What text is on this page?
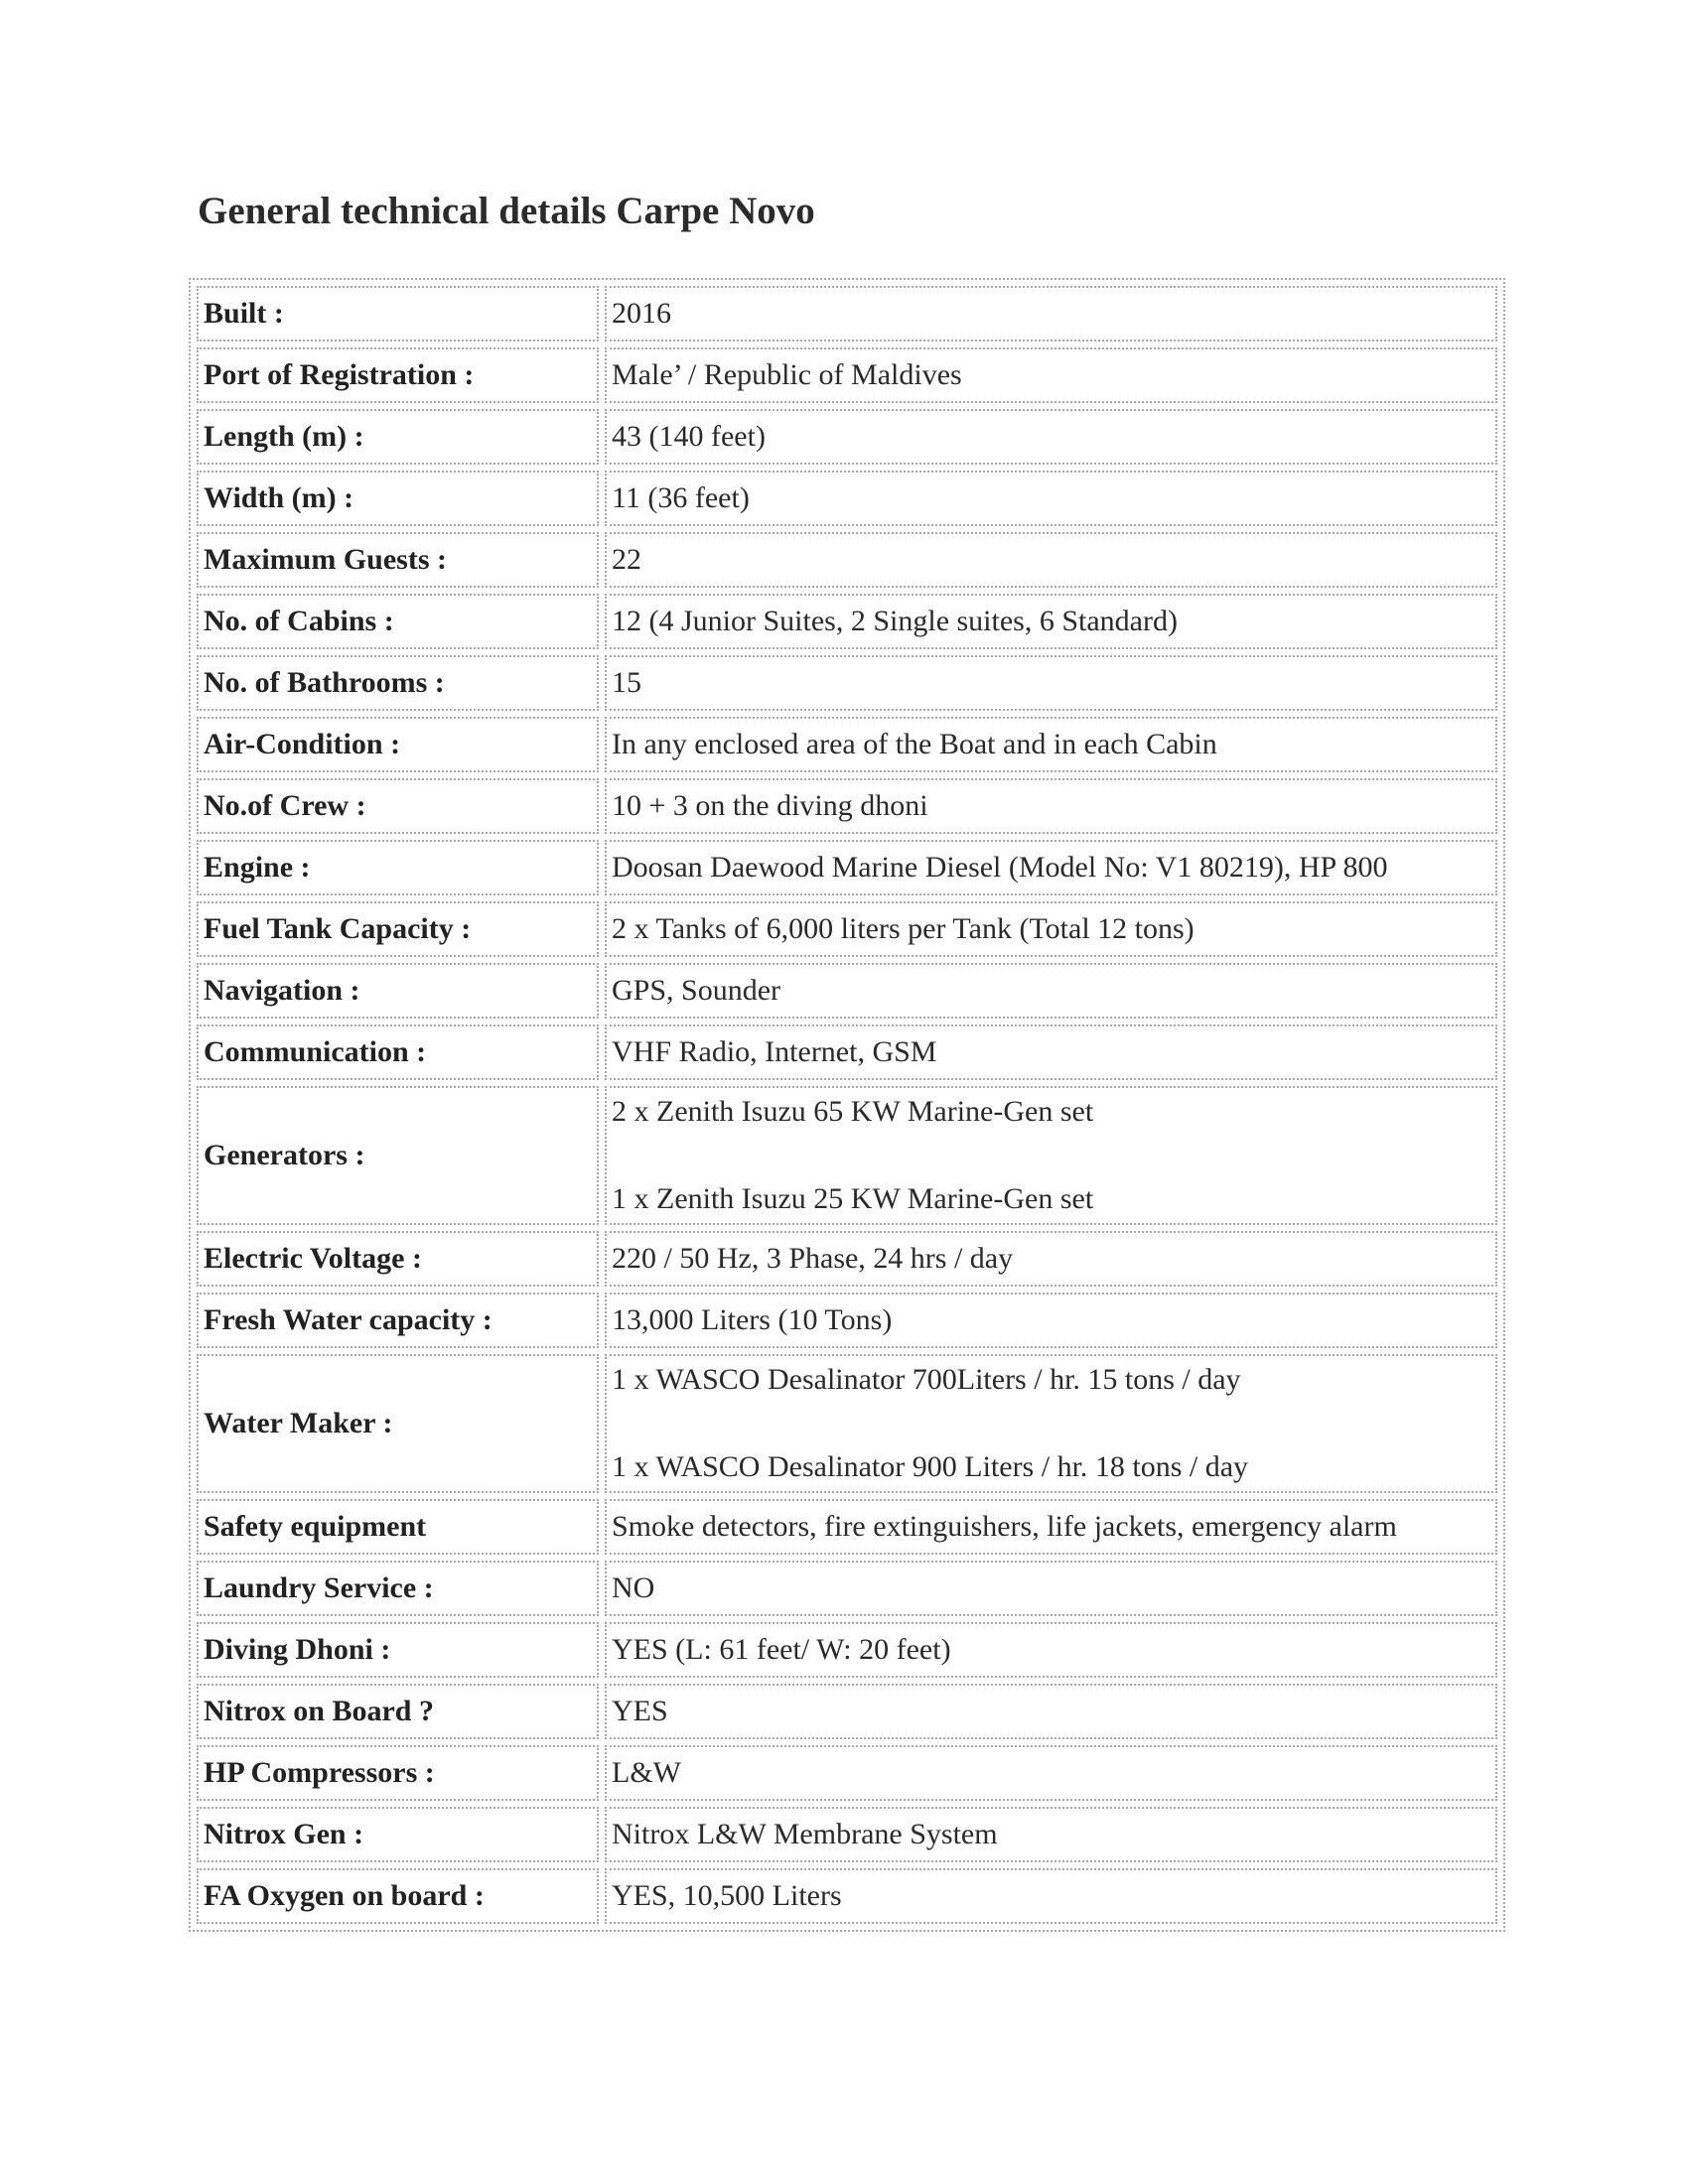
General technical details Carpe Novo
Built :	2016
Port of Registration :	Male’ / Republic of Maldives
Length (m) :	43 (140 feet)
Width (m) :	11 (36 feet)
Maximum Guests :	22
No. of Cabins :	12 (4 Junior Suites, 2 Single suites, 6 Standard)
No. of Bathrooms :	15
Air-Condition :	In any enclosed area of the Boat and in each Cabin
No.of Crew :	10 + 3 on the diving dhoni
Engine :	Doosan Daewood Marine Diesel (Model No: V1 80219), HP 800
Fuel Tank Capacity :	2 x Tanks of 6,000 liters per Tank (Total 12 tons)
Navigation :	GPS, Sounder
Communication :	VHF Radio, Internet, GSM
Generators :	2 x Zenith Isuzu 65 KW Marine-Gen set
1 x Zenith Isuzu 25 KW Marine-Gen set

Electric Voltage :	220 / 50 Hz, 3 Phase, 24 hrs / day
Fresh Water capacity :	13,000 Liters (10 Tons)
Water Maker :	1 x WASCO Desalinator 700Liters / hr. 15 tons / day
1 x WASCO Desalinator 900 Liters / hr. 18 tons / day

Safety equipment	Smoke detectors, fire extinguishers, life jackets, emergency alarm
Laundry Service :	NO
Diving Dhoni :	YES (L: 61 feet/ W: 20 feet)
Nitrox on Board ?	YES
HP Compressors :	L&W
Nitrox Gen :	Nitrox L&W Membrane System
FA Oxygen on board :	YES, 10,500 Liters
